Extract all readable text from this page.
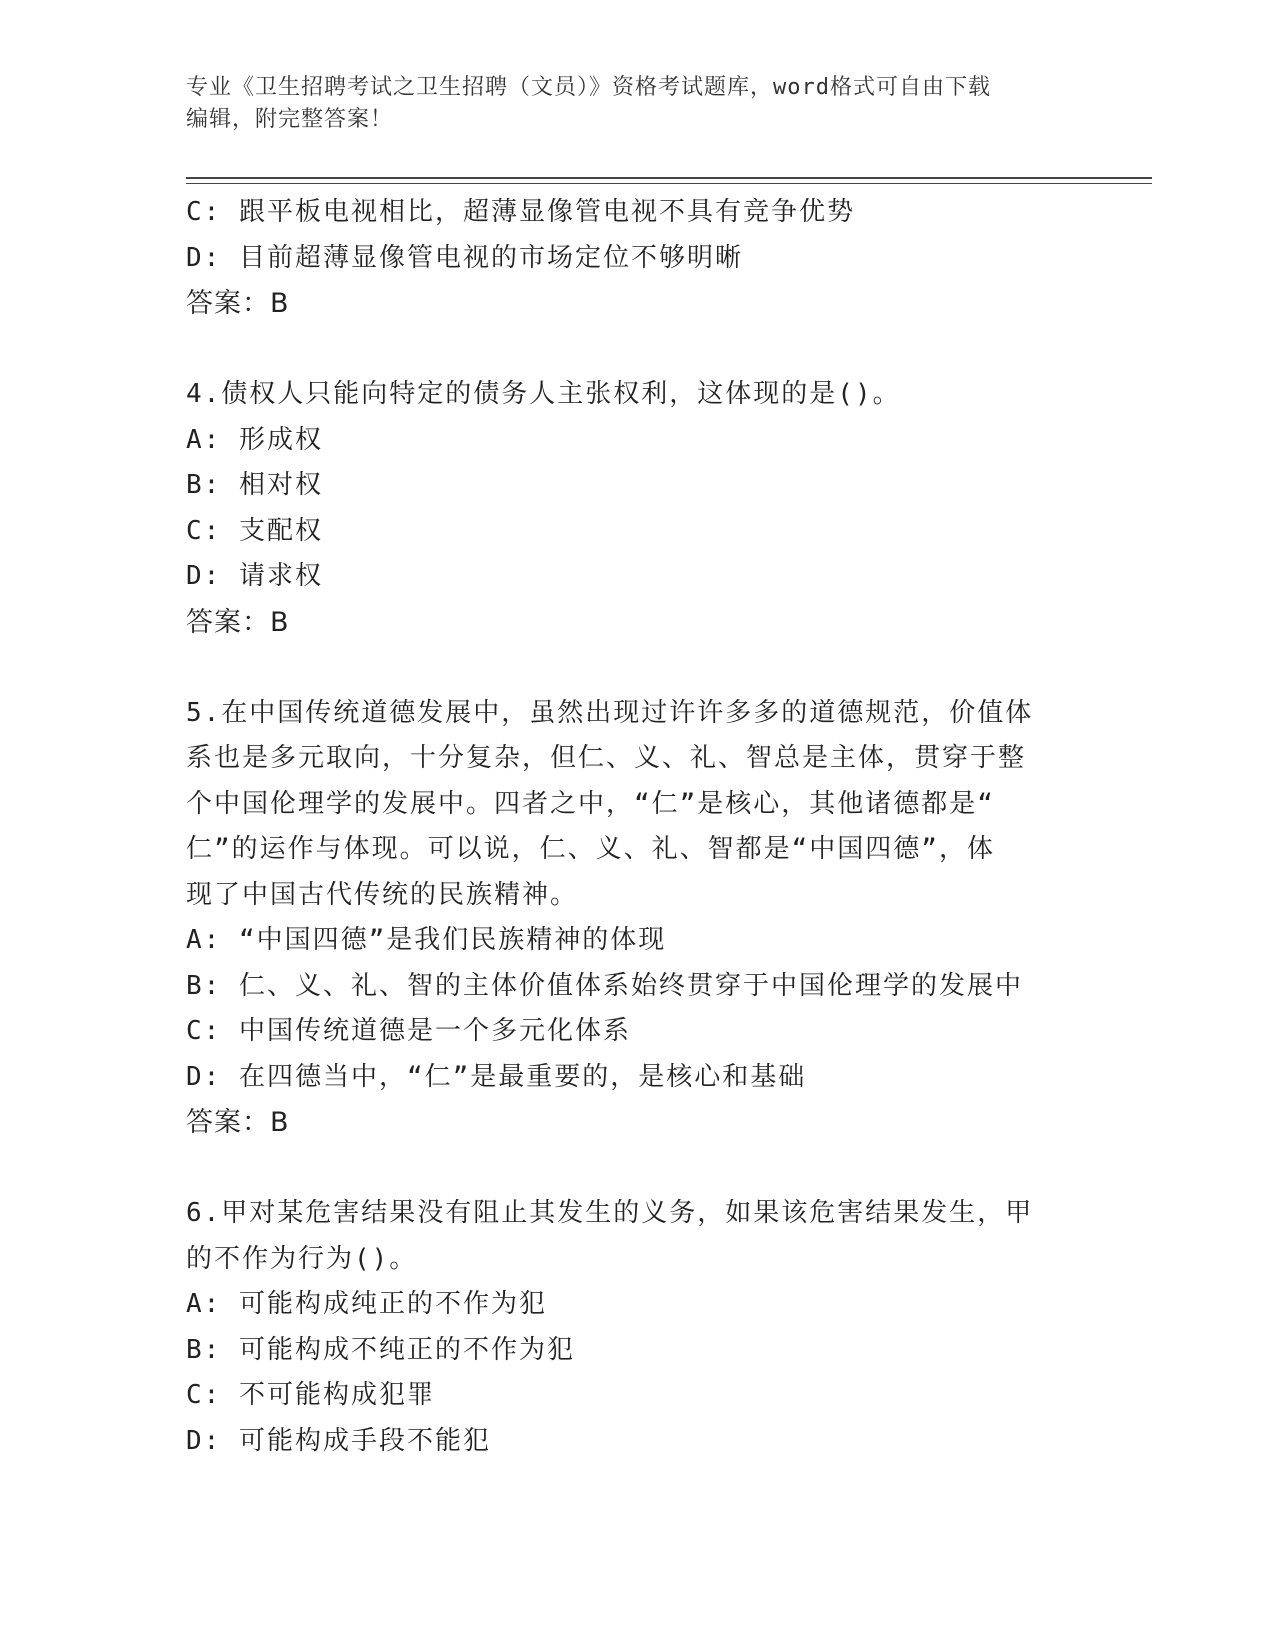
专业《卫生招聘考试之卫生招聘（文员）》资格考试题库，word格式可自由下载
编辑，附完整答案！
C: 跟平板电视相比，超薄显像管电视不具有竞争优势
D: 目前超薄显像管电视的市场定位不够明晰
答案：B
4.债权人只能向特定的债务人主张权利，这体现的是()。
A: 形成权
B: 相对权
C: 支配权
D: 请求权
答案：B
5.在中国传统道德发展中，虽然出现过许许多多的道德规范，价值体
系也是多元取向，十分复杂，但仁、义、礼、智总是主体，贯穿于整
个中国伦理学的发展中。四者之中，“仁”是核心，其他诸德都是“
仁”的运作与体现。可以说，仁、义、礼、智都是“中国四德”，体
现了中国古代传统的民族精神。
A: “中国四德”是我们民族精神的体现
B: 仁、义、礼、智的主体价值体系始终贯穿于中国伦理学的发展中
C: 中国传统道德是一个多元化体系
D: 在四德当中，“仁”是最重要的，是核心和基础
答案：B
6.甲对某危害结果没有阻止其发生的义务，如果该危害结果发生，甲
的不作为行为()。
A: 可能构成纯正的不作为犯
B: 可能构成不纯正的不作为犯
C: 不可能构成犯罪
D: 可能构成手段不能犯
